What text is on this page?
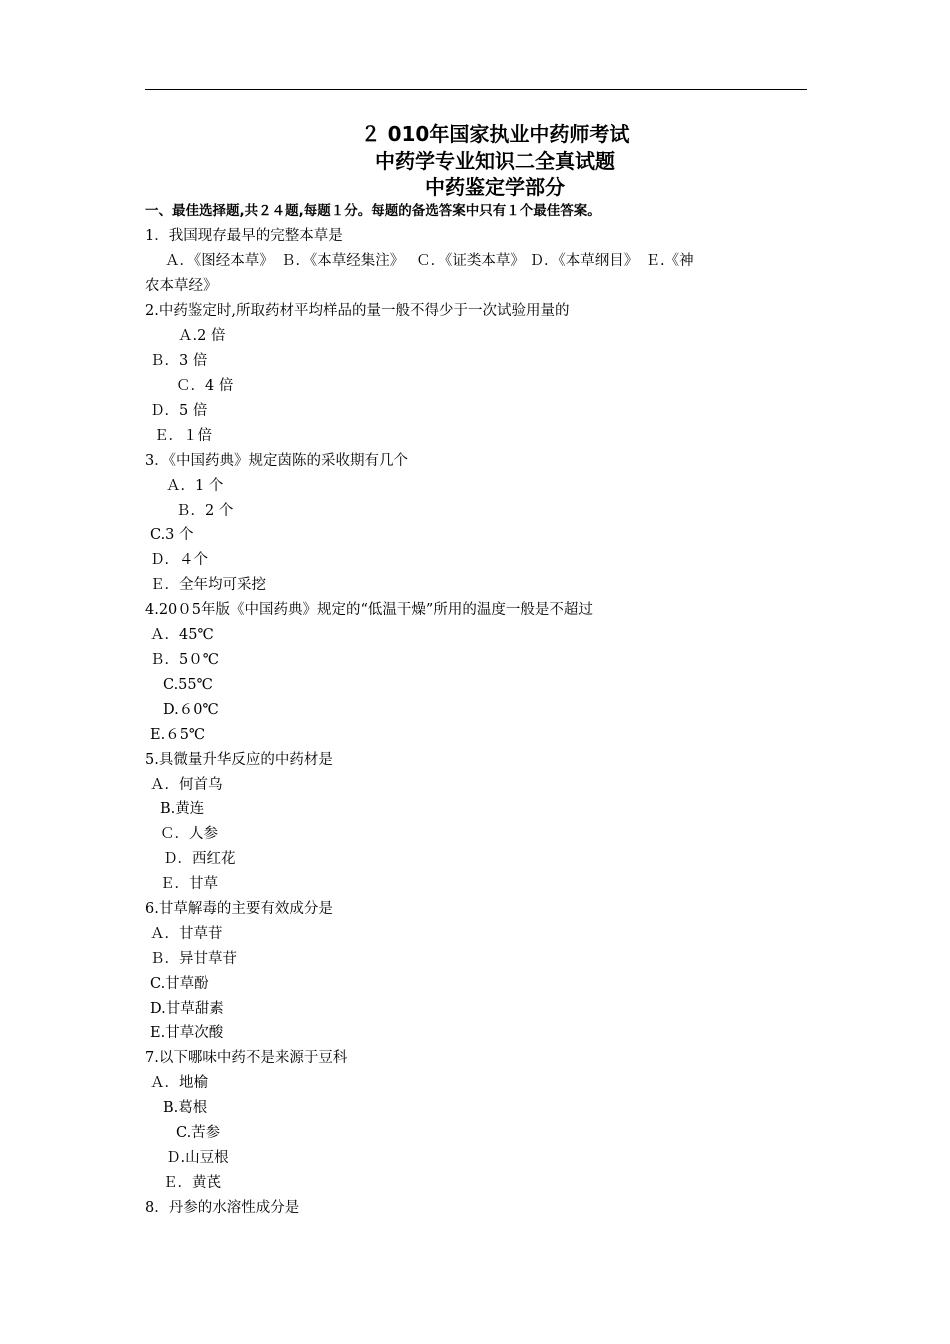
２ 010年国家执业中药师考试
中药学专业知识二全真试题
中药鉴定学部分
一、最佳选择题,共２４题,每题１分。每题的备选答案中只有１个最佳答案。
1．我国现存最早的完整本草是
Ａ．《图经本草》　Ｂ．《本草经集注》　 Ｃ．《证类本草》 Ｄ．《本草纲目》　Ｅ.《神
农本草经》
2.中药鉴定时,所取药材平均样品的量一般不得少于一次试验用量的
Ａ.2 倍
Ｂ．3 倍
Ｃ．4 倍
Ｄ．5 倍
Ｅ．１倍
3．《中国药典》规定茵陈的采收期有几个
Ａ．1 个
Ｂ．2 个
C.3 个
Ｄ．４个
Ｅ．全年均可采挖
4.20０5年版《中国药典》规定的“低温干燥”所用的温度一般是不超过
Ａ．45℃
Ｂ．5０℃
C.55℃
D.６0℃
E.６5℃
5.具微量升华反应的中药材是
Ａ．何首乌
B.黄连
Ｃ．人参
Ｄ．西红花
Ｅ．甘草
6.甘草解毒的主要有效成分是
Ａ．甘草苷
Ｂ．异甘草苷
C.甘草酚
D.甘草甜素
E.甘草次酸
7.以下哪味中药不是来源于豆科
Ａ．地榆
B.葛根
C.苦参
Ｄ.山豆根
Ｅ．黄芪
8．丹参的水溶性成分是
